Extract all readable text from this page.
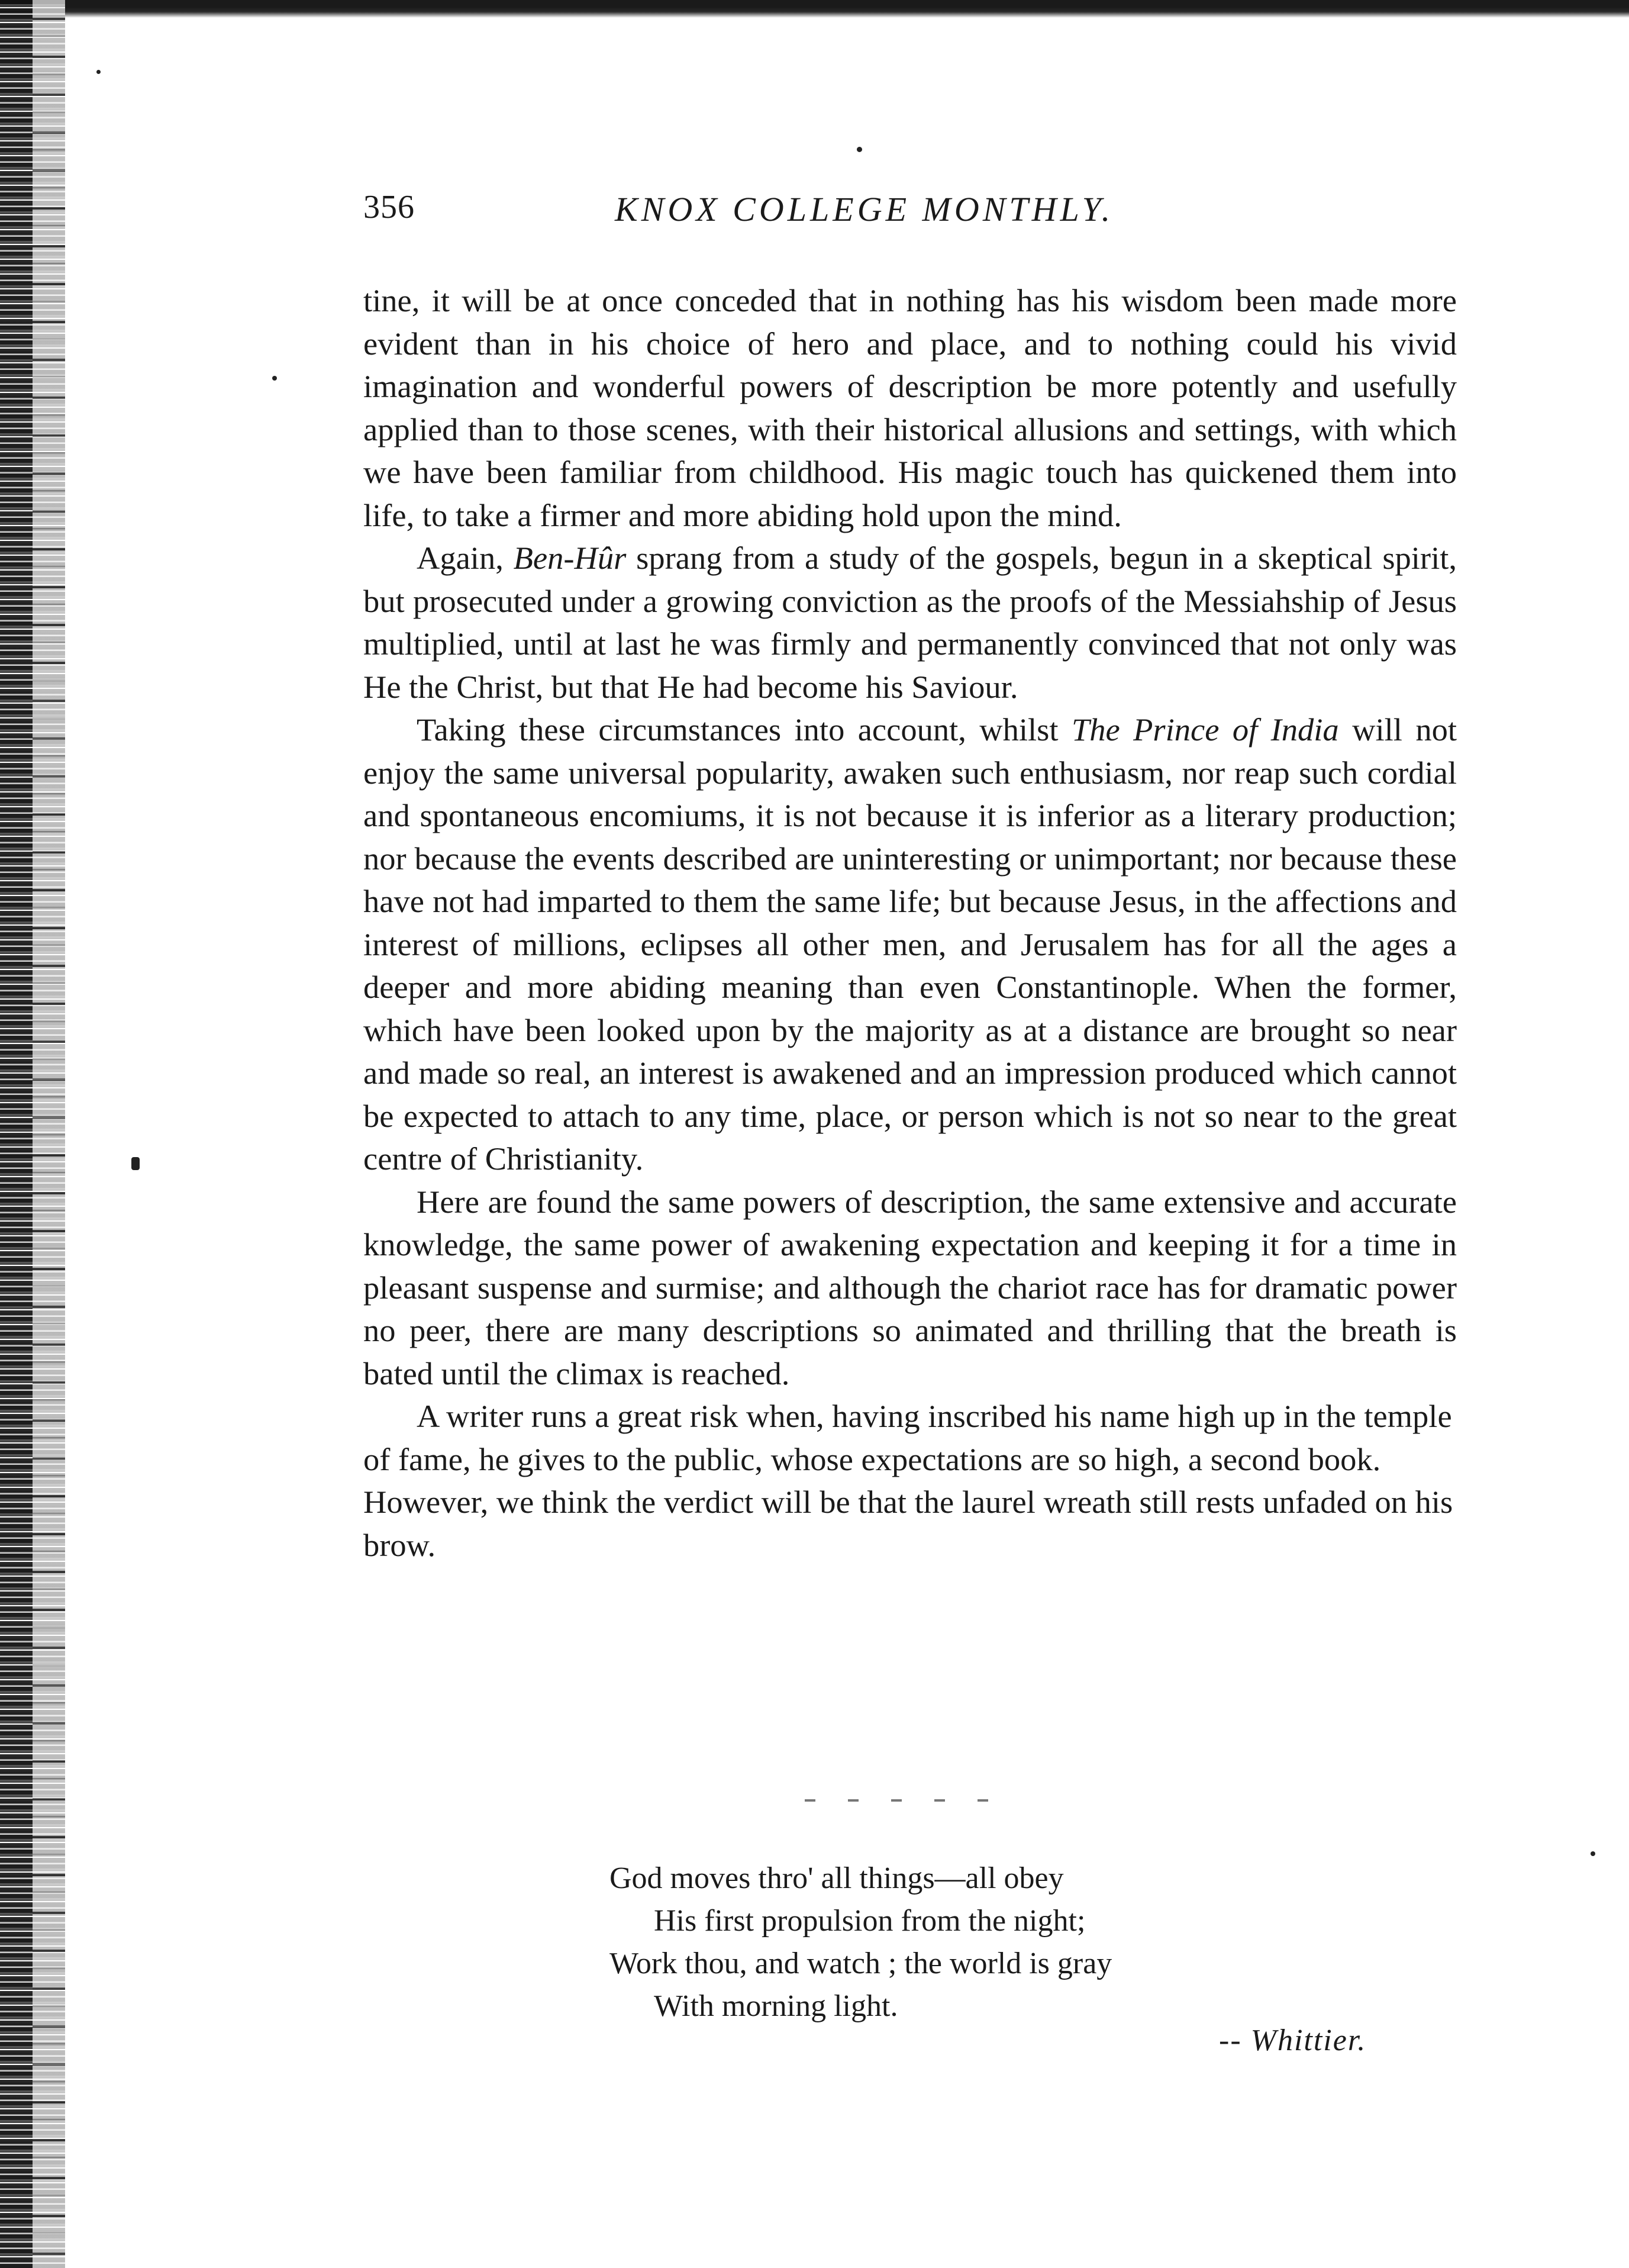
356	KNOX COLLEGE MONTHLY.

tine, it will be at once conceded that in nothing has his wisdom been made more evident than in his choice of hero and place, and to nothing could his vivid imagination and wonderful powers of description be more potently and usefully applied than to those scenes, with their historical allusions and settings, with which we have been familiar from childhood. His magic touch has quickened them into life, to take a firmer and more abiding hold upon the mind.

Again, Ben-Hûr sprang from a study of the gospels, begun in a skeptical spirit, but prosecuted under a growing conviction as the proofs of the Messiahship of Jesus multiplied, until at last he was firmly and permanently convinced that not only was He the Christ, but that He had become his Saviour.

Taking these circumstances into account, whilst The Prince of India will not enjoy the same universal popularity, awaken such enthusiasm, nor reap such cordial and spontaneous encomiums, it is not because it is inferior as a literary production; nor because the events described are uninteresting or unimportant; nor because these have not had imparted to them the same life; but because Jesus, in the affections and interest of millions, eclipses all other men, and Jerusalem has for all the ages a deeper and more abiding meaning than even Constantinople. When the former, which have been looked upon by the majority as at a distance are brought so near and made so real, an interest is awakened and an impression produced which cannot be expected to attach to any time, place, or person which is not so near to the great centre of Christianity.

Here are found the same powers of description, the same extensive and accurate knowledge, the same power of awakening expectation and keeping it for a time in pleasant suspense and surmise; and although the chariot race has for dramatic power no peer, there are many descriptions so animated and thrilling that the breath is bated until the climax is reached.

A writer runs a great risk when, having inscribed his name high up in the temple of fame, he gives to the public, whose expectations are so high, a second book. However, we think the verdict will be that the laurel wreath still rests unfaded on his brow.

God moves thro' all things—all obey
His first propulsion from the night;
Work thou, and watch ; the world is gray
With morning light.
-- Whittier.
